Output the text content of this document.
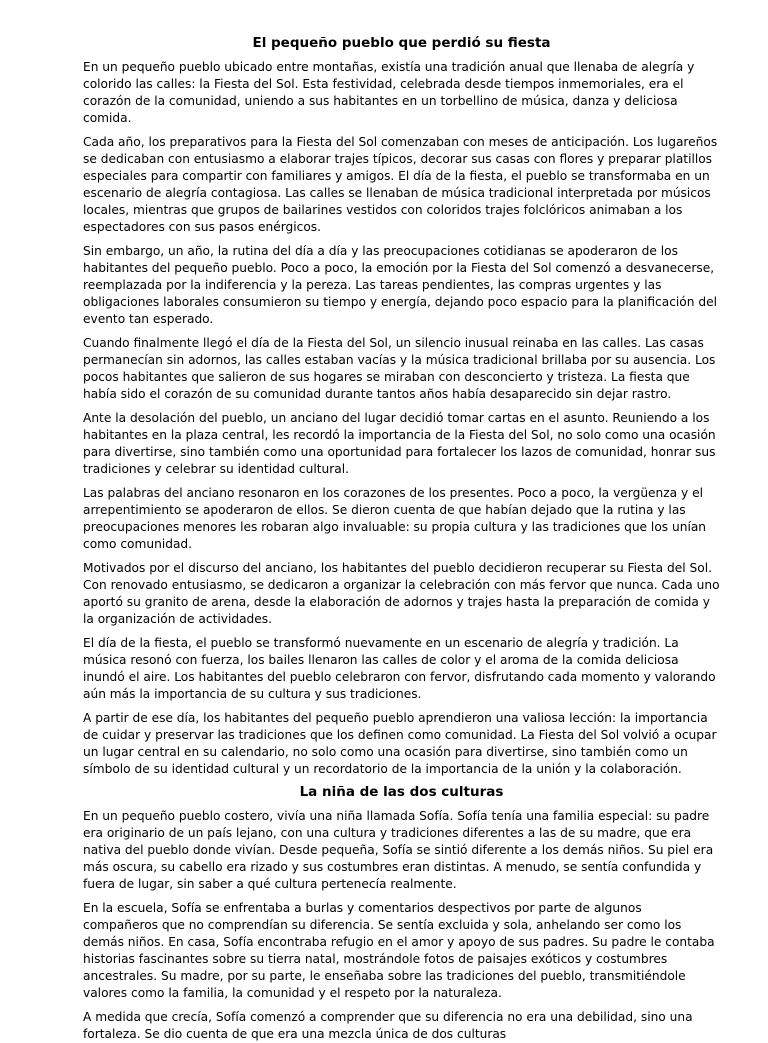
El pequeño pueblo que perdió su fiesta

En un pequeño pueblo ubicado entre montañas, existía una tradición anual que llenaba de alegría y colorido las calles: la Fiesta del Sol. Esta festividad, celebrada desde tiempos inmemoriales, era el corazón de la comunidad, uniendo a sus habitantes en un torbellino de música, danza y deliciosa comida.

Cada año, los preparativos para la Fiesta del Sol comenzaban con meses de anticipación. Los lugareños se dedicaban con entusiasmo a elaborar trajes típicos, decorar sus casas con flores y preparar platillos especiales para compartir con familiares y amigos. El día de la fiesta, el pueblo se transformaba en un escenario de alegría contagiosa. Las calles se llenaban de música tradicional interpretada por músicos locales, mientras que grupos de bailarines vestidos con coloridos trajes folclóricos animaban a los espectadores con sus pasos enérgicos.

Sin embargo, un año, la rutina del día a día y las preocupaciones cotidianas se apoderaron de los habitantes del pequeño pueblo. Poco a poco, la emoción por la Fiesta del Sol comenzó a desvanecerse, reemplazada por la indiferencia y la pereza. Las tareas pendientes, las compras urgentes y las obligaciones laborales consumieron su tiempo y energía, dejando poco espacio para la planificación del evento tan esperado.

Cuando finalmente llegó el día de la Fiesta del Sol, un silencio inusual reinaba en las calles. Las casas permanecían sin adornos, las calles estaban vacías y la música tradicional brillaba por su ausencia. Los pocos habitantes que salieron de sus hogares se miraban con desconcierto y tristeza. La fiesta que había sido el corazón de su comunidad durante tantos años había desaparecido sin dejar rastro.

Ante la desolación del pueblo, un anciano del lugar decidió tomar cartas en el asunto. Reuniendo a los habitantes en la plaza central, les recordó la importancia de la Fiesta del Sol, no solo como una ocasión para divertirse, sino también como una oportunidad para fortalecer los lazos de comunidad, honrar sus tradiciones y celebrar su identidad cultural.

Las palabras del anciano resonaron en los corazones de los presentes. Poco a poco, la vergüenza y el arrepentimiento se apoderaron de ellos. Se dieron cuenta de que habían dejado que la rutina y las preocupaciones menores les robaran algo invaluable: su propia cultura y las tradiciones que los unían como comunidad.

Motivados por el discurso del anciano, los habitantes del pueblo decidieron recuperar su Fiesta del Sol. Con renovado entusiasmo, se dedicaron a organizar la celebración con más fervor que nunca. Cada uno aportó su granito de arena, desde la elaboración de adornos y trajes hasta la preparación de comida y la organización de actividades.

El día de la fiesta, el pueblo se transformó nuevamente en un escenario de alegría y tradición. La música resonó con fuerza, los bailes llenaron las calles de color y el aroma de la comida deliciosa inundó el aire. Los habitantes del pueblo celebraron con fervor, disfrutando cada momento y valorando aún más la importancia de su cultura y sus tradiciones.

A partir de ese día, los habitantes del pequeño pueblo aprendieron una valiosa lección: la importancia de cuidar y preservar las tradiciones que los definen como comunidad. La Fiesta del Sol volvió a ocupar un lugar central en su calendario, no solo como una ocasión para divertirse, sino también como un símbolo de su identidad cultural y un recordatorio de la importancia de la unión y la colaboración.

La niña de las dos culturas

En un pequeño pueblo costero, vivía una niña llamada Sofía. Sofía tenía una familia especial: su padre era originario de un país lejano, con una cultura y tradiciones diferentes a las de su madre, que era nativa del pueblo donde vivían. Desde pequeña, Sofía se sintió diferente a los demás niños. Su piel era más oscura, su cabello era rizado y sus costumbres eran distintas. A menudo, se sentía confundida y fuera de lugar, sin saber a qué cultura pertenecía realmente.

En la escuela, Sofía se enfrentaba a burlas y comentarios despectivos por parte de algunos compañeros que no comprendían su diferencia. Se sentía excluida y sola, anhelando ser como los demás niños. En casa, Sofía encontraba refugio en el amor y apoyo de sus padres. Su padre le contaba historias fascinantes sobre su tierra natal, mostrándole fotos de paisajes exóticos y costumbres ancestrales. Su madre, por su parte, le enseñaba sobre las tradiciones del pueblo, transmitiéndole valores como la familia, la comunidad y el respeto por la naturaleza.

A medida que crecía, Sofía comenzó a comprender que su diferencia no era una debilidad, sino una fortaleza. Se dio cuenta de que era una mezcla única de dos culturas
